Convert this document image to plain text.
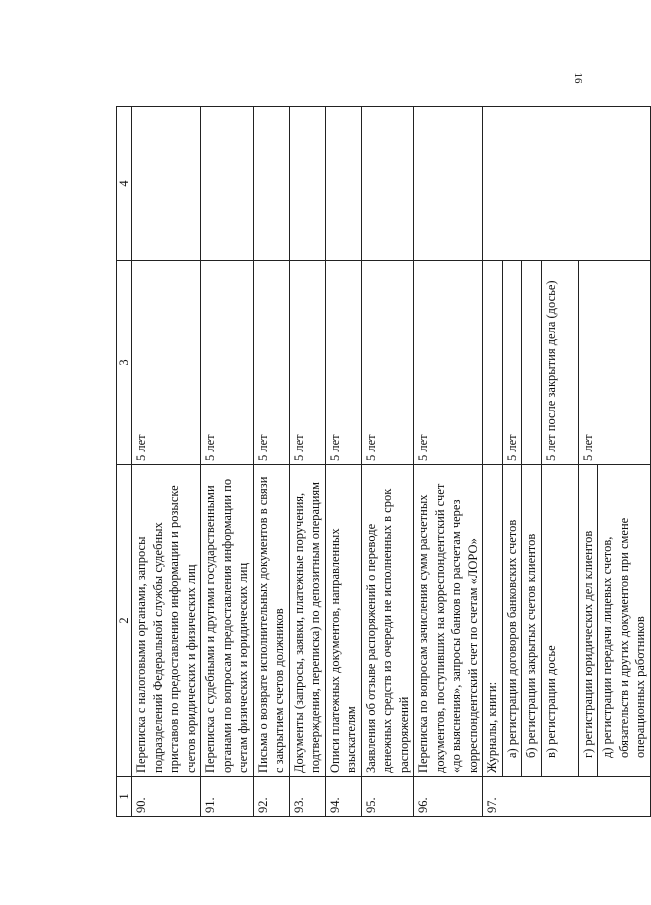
16
1	2	3	4
90.	Переписка с налоговыми органами, запросы подразделений Федеральной службы судебных приставов по предоставлению информации и розыске счетов юридических и физических лиц	5 лет	
91.	Переписка с судебными и другими государственными органами по вопросам предоставления информации по счетам физических и юридических лиц	5 лет	
92.	Письма о возврате исполнительных документов в связи с закрытием счетов должников	5 лет	
93.	Документы (запросы, заявки, платежные поручения, подтверждения, переписка) по депозитным операциям	5 лет	
94.	Описи платежных документов, направленных взыскателям	5 лет	
95.	Заявления об отзыве распоряжений о переводе денежных средств из очереди не исполненных в срок распоряжений	5 лет	
96.	Переписка по вопросам зачисления сумм расчетных документов, поступивших на корреспондентский счет «до выяснения», запросы банков по расчетам через корреспондентский счет по счетам «ЛОРО»	5 лет	
97.	Журналы, книги:		
	а) регистрации договоров банковских счетов	5 лет	
	б) регистрации закрытых счетов клиентов		
	в) регистрации досье	5 лет после закрытия дела (досье)	
	г) регистрации юридических дел клиентов	5 лет	
	д) регистрации передачи лицевых счетов, обязательств и других документов при смене операционных работников		
